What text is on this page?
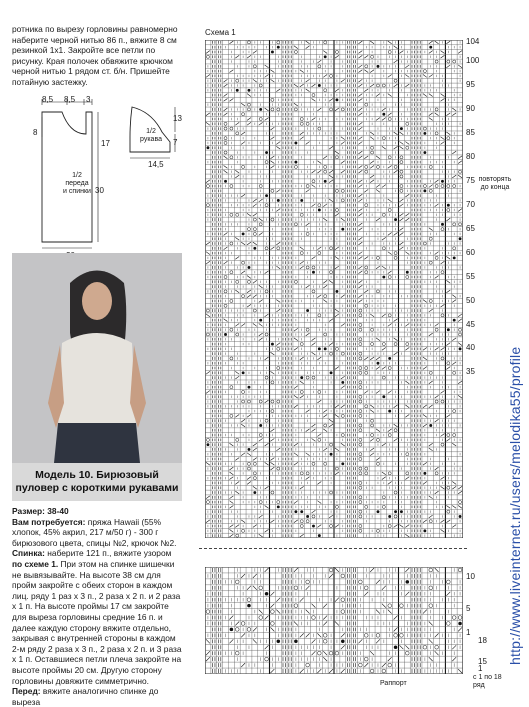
ротника по вырезу горловины равномерно наберите черной нитью 86 п., вяжите 8 см резинкой 1х1. Закройте все петли по рисунку. Края полочек обвяжите крючком черной нитью 1 рядом ст. б/н. Пришейте потайную застежку.
8,5 8,5 3
8
17
1/2
переда
и спинки 30
1/2
рукава
13
7
14,5
Модель 10. Бирюзовый пуловер с короткими рукавами

Размер: 38-40

Вам потребуется: пряжа Hawaii (55% хлопок, 45% акрил, 217 м/50 г) - 300 г бирюзового цвета, спицы №2, крючок №2.

Спинка: наберите 121 п., вяжите узором по схеме 1. При этом на спинке шишечки не вывязывайте. На высоте 38 см для пройм закройте с обеих сторон в каждом лиц. ряду 1 раз х 3 п., 2 раза х 2 п. и 2 раза х 1 п. На высоте проймы 17 см закройте для выреза горловины средние 16 п. и далее каждую сторону вяжите отдельно, закрывая с внутренней стороны в каждом 2-м ряду 2 раза х 3 п., 2 раза х 2 п. и 3 раза х 1 п. Оставшиеся петли плеча закройте на высоте проймы 20 см. Другую сторону горловины довяжите симметрично.

Перед: вяжите аналогично спинке до выреза

Схема 1
104
100
95
90
85
80
75
70
65
60
55
50
45
40
35
10
5
1
18
15
1
повторять
до конца
Раппорт
с 1 по 18
ряд
http://www.liveinternet.ru/users/melodika55/profile
